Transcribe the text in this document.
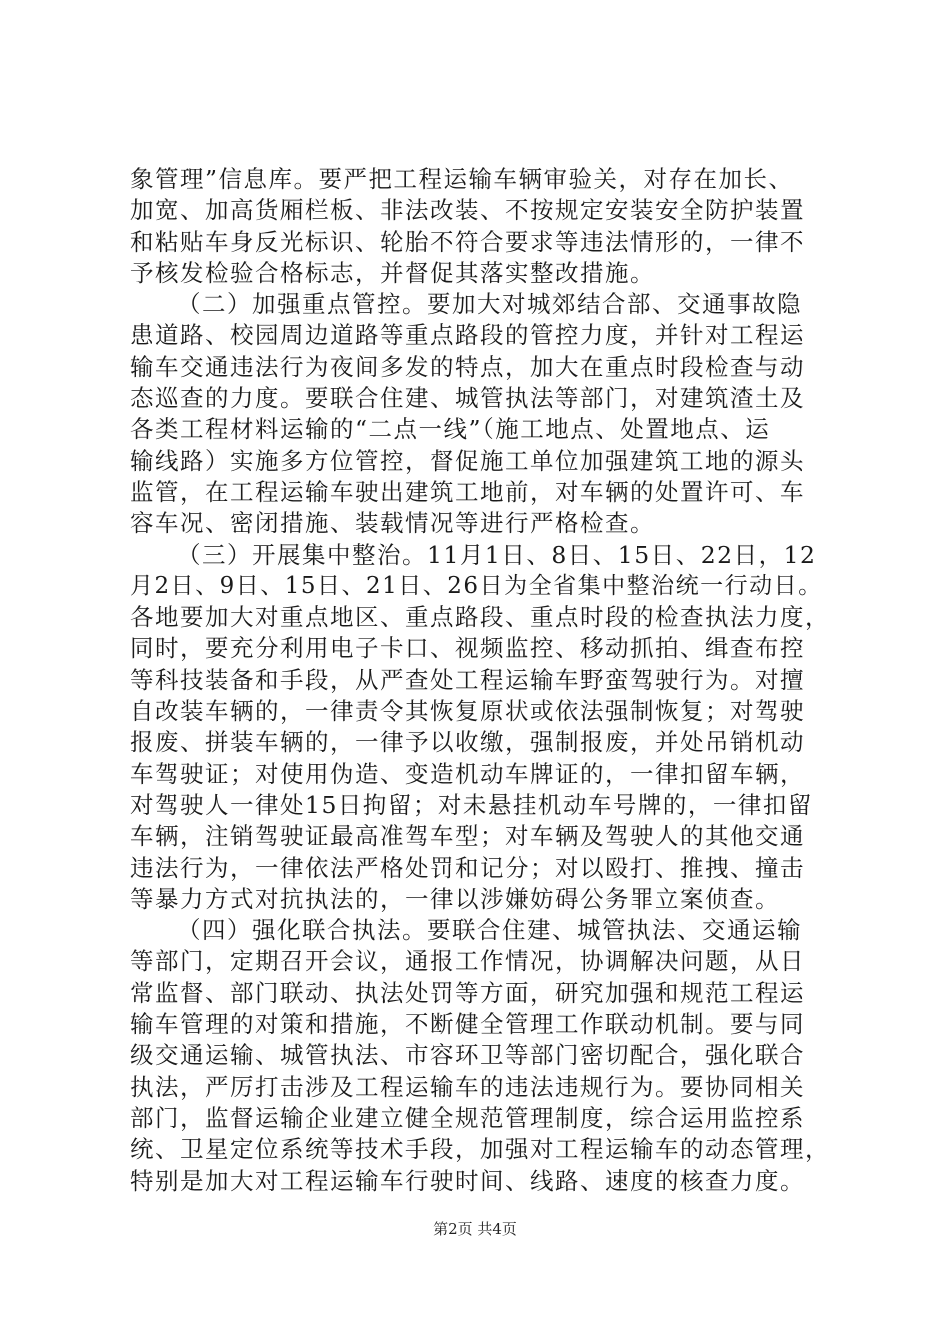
象管理”信息库。要严把工程运输车辆审验关，对存在加长、
加宽、加高货厢栏板、非法改装、不按规定安装安全防护装置
和粘贴车身反光标识、轮胎不符合要求等违法情形的，一律不
予核发检验合格标志，并督促其落实整改措施。
（二）加强重点管控。要加大对城郊结合部、交通事故隐
患道路、校园周边道路等重点路段的管控力度，并针对工程运
输车交通违法行为夜间多发的特点，加大在重点时段检查与动
态巡查的力度。要联合住建、城管执法等部门，对建筑渣土及
各类工程材料运输的“二点一线”（施工地点、处置地点、运
输线路）实施多方位管控，督促施工单位加强建筑工地的源头
监管，在工程运输车驶出建筑工地前，对车辆的处置许可、车
容车况、密闭措施、装载情况等进行严格检查。
（三）开展集中整治。11月1日、8日、15日、22日，12
月2日、9日、15日、21日、26日为全省集中整治统一行动日。
各地要加大对重点地区、重点路段、重点时段的检查执法力度，
同时，要充分利用电子卡口、视频监控、移动抓拍、缉查布控
等科技装备和手段，从严查处工程运输车野蛮驾驶行为。对擅
自改装车辆的，一律责令其恢复原状或依法强制恢复；对驾驶
报废、拼装车辆的，一律予以收缴，强制报废，并处吊销机动
车驾驶证；对使用伪造、变造机动车牌证的，一律扣留车辆，
对驾驶人一律处15日拘留；对未悬挂机动车号牌的，一律扣留
车辆，注销驾驶证最高准驾车型；对车辆及驾驶人的其他交通
违法行为，一律依法严格处罚和记分；对以殴打、推拽、撞击
等暴力方式对抗执法的，一律以涉嫌妨碍公务罪立案侦查。
（四）强化联合执法。要联合住建、城管执法、交通运输
等部门，定期召开会议，通报工作情况，协调解决问题，从日
常监督、部门联动、执法处罚等方面，研究加强和规范工程运
输车管理的对策和措施，不断健全管理工作联动机制。要与同
级交通运输、城管执法、市容环卫等部门密切配合，强化联合
执法，严厉打击涉及工程运输车的违法违规行为。要协同相关
部门，监督运输企业建立健全规范管理制度，综合运用监控系
统、卫星定位系统等技术手段，加强对工程运输车的动态管理，
特别是加大对工程运输车行驶时间、线路、速度的核查力度。
第2页 共4页
